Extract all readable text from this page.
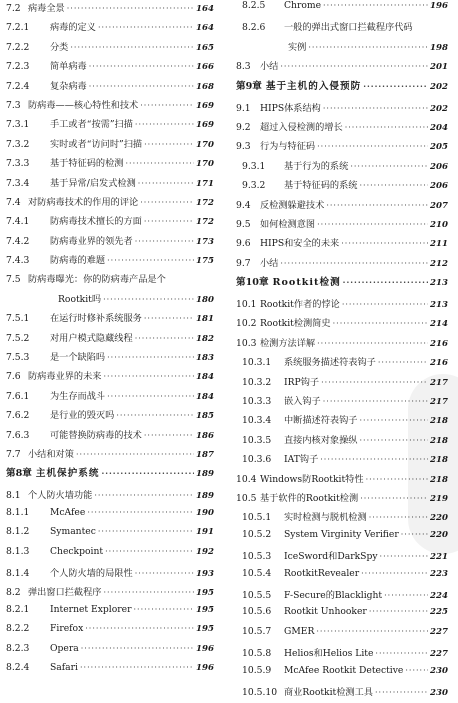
7.2 病毒全景 ·····	164
7.2.1	病毒的定义 ·····	164
7.2.2	分类 ·····	165
7.2.3	简单病毒 ·····	166
7.2.4	复杂病毒 ·····	168
7.3 防病毒——核心特性和技术 ·····	169
7.3.1	手工或者“按需”扫描 ·····	169
7.3.2	实时或者“访问时”扫描 ·····	170
7.3.3	基于特征码的检测 ·····	170
7.3.4	基于异常/启发式检测 ·····	171
7.4 对防病毒技术的作用的评论 ·····	172
7.4.1	防病毒技术擅长的方面 ·····	172
7.4.2	防病毒业界的领先者 ·····	173
7.4.3	防病毒的难题 ·····	175
7.5 防病毒曝光：你的防病毒产品是个
Rootkit吗 ·····	180
7.5.1	在运行时修补系统服务 ·····	181
7.5.2	对用户模式隐藏线程 ·····	182
7.5.3	是一个缺陷吗 ·····	183
7.6 防病毒业界的未来 ·····	184
7.6.1	为生存而战斗 ·····	184
7.6.2	是行业的毁灭吗 ·····	185
7.6.3	可能替换防病毒的技术 ·····	186
7.7 小结和对策 ·····	187
第8章 主机保护系统 ·····	189
8.1 个人防火墙功能 ·····	189
8.1.1	McAfee ·····	190
8.1.2	Symantec ·····	191
8.1.3	Checkpoint ·····	192
8.1.4	个人防火墙的局限性 ·····	193
8.2 弹出窗口拦截程序 ·····	195
8.2.1	Internet Explorer ·····	195
8.2.2	Firefox ·····	195
8.2.3	Opera ·····	196
8.2.4	Safari ·····	196
8.2.5	Chrome ·····	196
8.2.6	一般的弹出式窗口拦截程序代码
实例 ·····	198
8.3	小结 ·····	201
第9章 基于主机的入侵预防 ·····	202
9.1	HIPS体系结构 ·····	202
9.2	超过入侵检测的增长 ·····	204
9.3	行为与特征码 ·····	205
9.3.1	基于行为的系统 ·····	206
9.3.2	基于特征码的系统 ·····	206
9.4	反检测躲避技术 ·····	207
9.5	如何检测意图 ·····	210
9.6	HIPS和安全的未来 ·····	211
9.7	小结 ·····	212
第10章 Rootkit检测 ·····	213
10.1 Rootkit作者的悖论 ·····	213
10.2 Rootkit检测简史 ·····	214
10.3 检测方法详解 ·····	216
10.3.1	系统服务描述符表钩子 ·····	216
10.3.2	IRP钩子 ·····	217
10.3.3	嵌入钩子 ·····	217
10.3.4	中断描述符表钩子 ·····	218
10.3.5	直接内核对象操纵 ·····	218
10.3.6	IAT钩子 ·····	218
10.4 Windows防Rootkit特性 ·····	218
10.5 基于软件的Rootkit检测 ·····	219
10.5.1	实时检测与脱机检测 ·····	220
10.5.2	System Virginity Verifier ·····	220
10.5.3	IceSword和DarkSpy ·····	221
10.5.4	RootkitRevealer ·····	223
10.5.5	F-Secure的Blacklight ·····	224
10.5.6	Rootkit Unhooker ·····	225
10.5.7	GMER ·····	227
10.5.8	Helios和Helios Lite ·····	227
10.5.9	McAfee Rootkit Detective ·····	230
10.5.10 商业Rootkit检测工具 ·····	230
